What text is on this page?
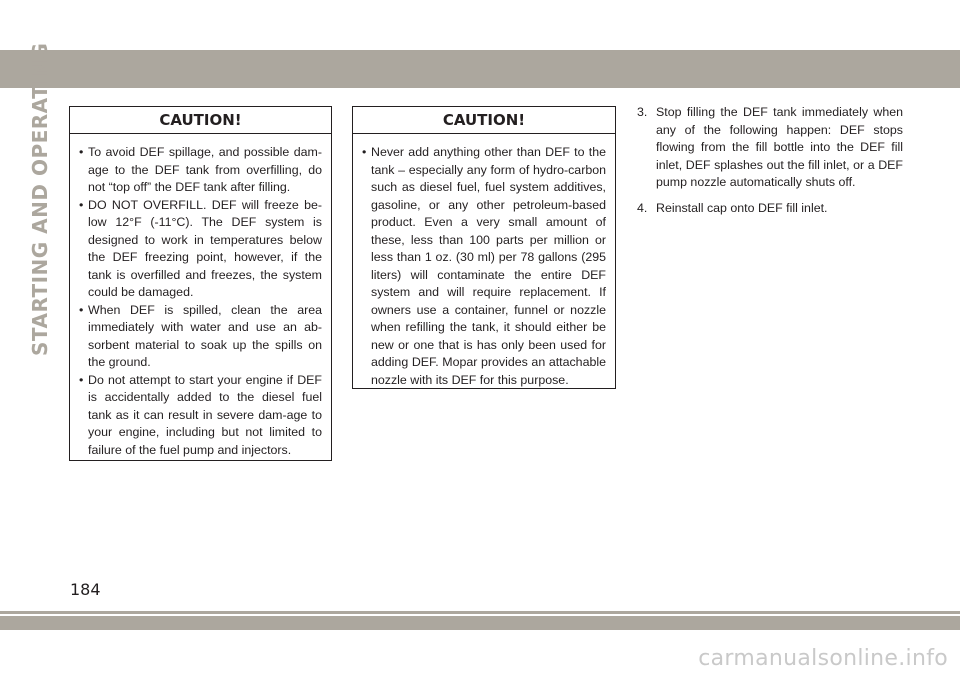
STARTING AND OPERATING	CAUTION!
• To avoid DEF spillage, and possible dam-age to the DEF tank from overfilling, do not “top off” the DEF tank after filling.
• DO NOT OVERFILL. DEF will freeze be-low 12°F (-11°C). The DEF system is designed to work in temperatures below the DEF freezing point, however, if the tank is overfilled and freezes, the system could be damaged.
• When DEF is spilled, clean the area immediately with water and use an ab-sorbent material to soak up the spills on the ground.
• Do not attempt to start your engine if DEF is accidentally added to the diesel fuel tank as it can result in severe dam-age to your engine, including but not limited to failure of the fuel pump and injectors.
CAUTION!
• Never add anything other than DEF to the tank – especially any form of hydro-carbon such as diesel fuel, fuel system additives, gasoline, or any other petroleum-based product. Even a very small amount of these, less than 100 parts per million or less than 1 oz. (30 ml) per 78 gallons (295 liters) will contaminate the entire DEF system and will require replacement. If owners use a container, funnel or nozzle when refilling the tank, it should either be new or one that is has only been used for adding DEF. Mopar provides an attachable nozzle with its DEF for this purpose.
3. Stop filling the DEF tank immediately when any of the following happen: DEF stops flowing from the fill bottle into the DEF fill inlet, DEF splashes out the fill inlet, or a DEF pump nozzle automatically shuts off.
4. Reinstall cap onto DEF fill inlet.
184
carmanualsonline.info
